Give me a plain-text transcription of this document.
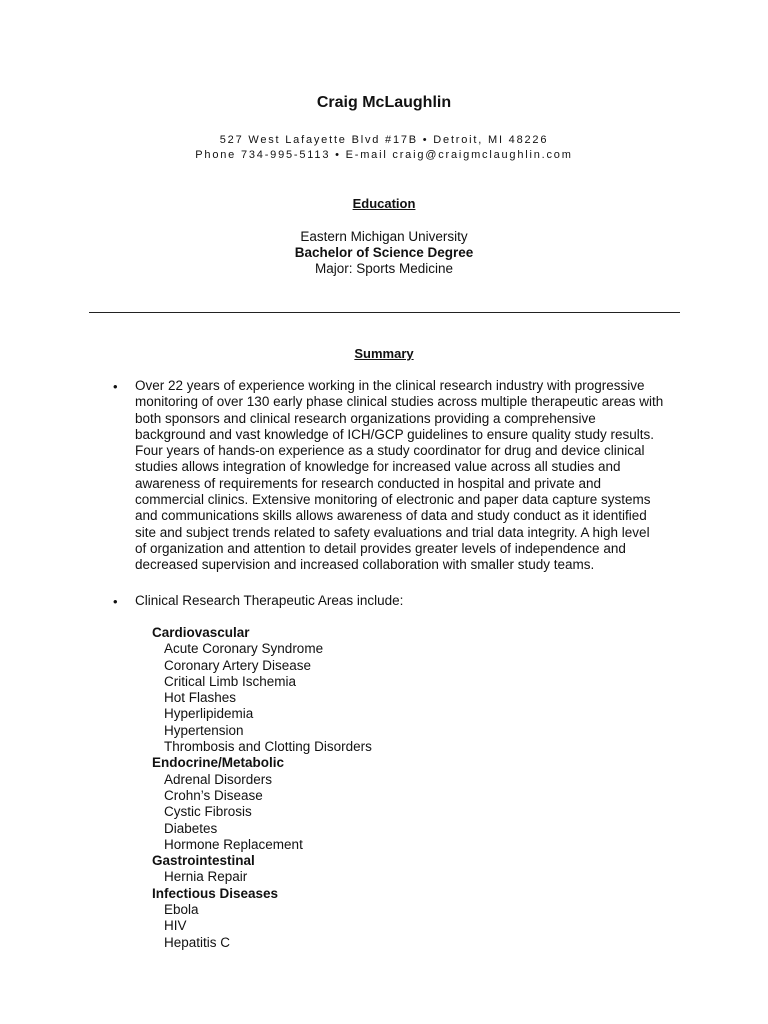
Craig McLaughlin
527 West Lafayette Blvd #17B • Detroit, MI 48226
Phone 734-995-5113 • E-mail craig@craigmclaughlin.com
Education
Eastern Michigan University
Bachelor of Science Degree
Major: Sports Medicine
Summary
• Over 22 years of experience working in the clinical research industry with progressive
monitoring of over 130 early phase clinical studies across multiple therapeutic areas with
both sponsors and clinical research organizations providing a comprehensive
background and vast knowledge of ICH/GCP guidelines to ensure quality study results.
Four years of hands-on experience as a study coordinator for drug and device clinical
studies allows integration of knowledge for increased value across all studies and
awareness of requirements for research conducted in hospital and private and
commercial clinics. Extensive monitoring of electronic and paper data capture systems
and communications skills allows awareness of data and study conduct as it identified
site and subject trends related to safety evaluations and trial data integrity. A high level
of organization and attention to detail provides greater levels of independence and
decreased supervision and increased collaboration with smaller study teams.
• Clinical Research Therapeutic Areas include:
Cardiovascular
Acute Coronary Syndrome
Coronary Artery Disease
Critical Limb Ischemia
Hot Flashes
Hyperlipidemia
Hypertension
Thrombosis and Clotting Disorders
Endocrine/Metabolic
Adrenal Disorders
Crohn’s Disease
Cystic Fibrosis
Diabetes
Hormone Replacement
Gastrointestinal
Hernia Repair
Infectious Diseases
Ebola
HIV
Hepatitis C
